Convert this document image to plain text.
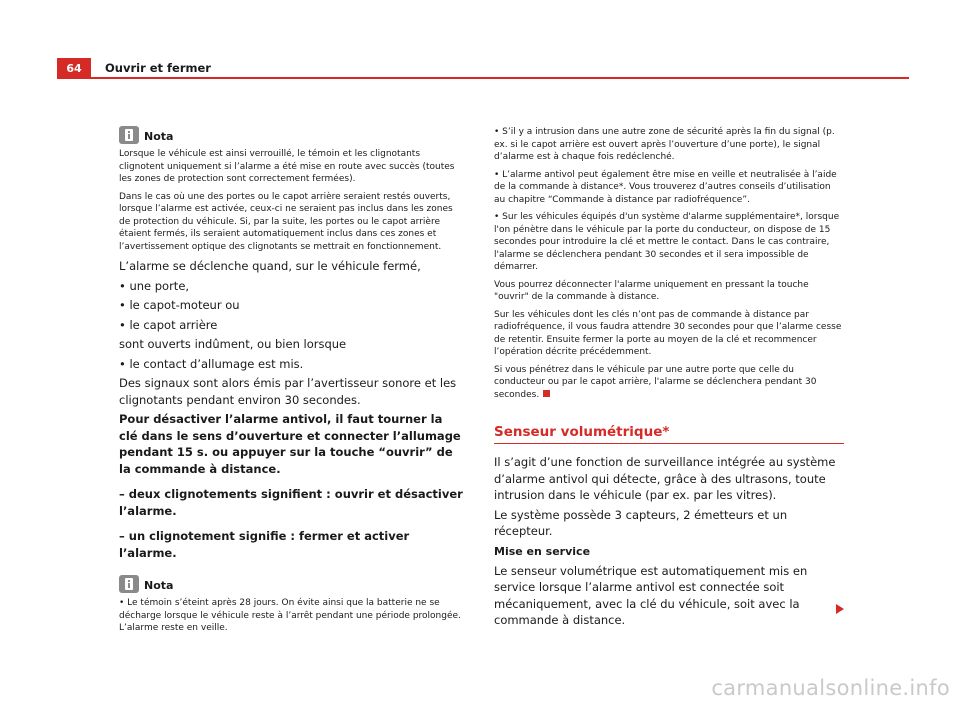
64	Ouvrir et fermer
Nota

Lorsque le véhicule est ainsi verrouillé, le témoin et les clignotants clignotent uniquement si l’alarme a été mise en route avec succès (toutes les zones de protection sont correctement fermées).

Dans le cas où une des portes ou le capot arrière seraient restés ouverts, lorsque l’alarme est activée, ceux-ci ne seraient pas inclus dans les zones de protection du véhicule. Si, par la suite, les portes ou le capot arrière étaient fermés, ils seraient automatiquement inclus dans ces zones et l’avertissement optique des clignotants se mettrait en fonctionnement.

L’alarme se déclenche quand, sur le véhicule fermé,

• une porte,

• le capot-moteur ou

• le capot arrière

sont ouverts indûment, ou bien lorsque

• le contact d’allumage est mis.

Des signaux sont alors émis par l’avertisseur sonore et les clignotants pendant environ 30 secondes.

Pour désactiver l’alarme antivol, il faut tourner la clé dans le sens d’ouverture et connecter l’allumage pendant 15 s. ou appuyer sur la touche “ouvrir” de la commande à distance.

– deux clignotements signifient : ouvrir et désactiver l’alarme.

– un clignotement signifie : fermer et activer l’alarme.

Nota

• Le témoin s’éteint après 28 jours. On évite ainsi que la batterie ne se décharge lorsque le véhicule reste à l’arrêt pendant une période prolongée. L’alarme reste en veille.

• S’il y a intrusion dans une autre zone de sécurité après la fin du signal (p. ex. si le capot arrière est ouvert après l’ouverture d’une porte), le signal d’alarme est à chaque fois redéclenché.

• L’alarme antivol peut également être mise en veille et neutralisée à l’aide de la commande à distance*. Vous trouverez d’autres conseils d’utilisation au chapitre “Commande à distance par radiofréquence”.

• Sur les véhicules équipés d'un système d'alarme supplémentaire*, lorsque l'on pénètre dans le véhicule par la porte du conducteur, on dispose de 15 secondes pour introduire la clé et mettre le contact. Dans le cas contraire, l'alarme se déclenchera pendant 30 secondes et il sera impossible de démarrer.

Vous pourrez déconnecter l'alarme uniquement en pressant la touche "ouvrir" de la commande à distance.

Sur les véhicules dont les clés n’ont pas de commande à distance par radiofréquence, il vous faudra attendre 30 secondes pour que l’alarme cesse de retentir. Ensuite fermer la porte au moyen de la clé et recommencer l’opération décrite précédemment.

Si vous pénétrez dans le véhicule par une autre porte que celle du conducteur ou par le capot arrière, l'alarme se déclenchera pendant 30 secondes.

Senseur volumétrique*

Il s’agit d’une fonction de surveillance intégrée au système d’alarme antivol qui détecte, grâce à des ultrasons, toute intrusion dans le véhicule (par ex. par les vitres).

Le système possède 3 capteurs, 2 émetteurs et un récepteur.

Mise en service

Le senseur volumétrique est automatiquement mis en service lorsque l’alarme antivol est connectée soit mécaniquement, avec la clé du véhicule, soit avec la commande à distance.

carmanualsonline.info
